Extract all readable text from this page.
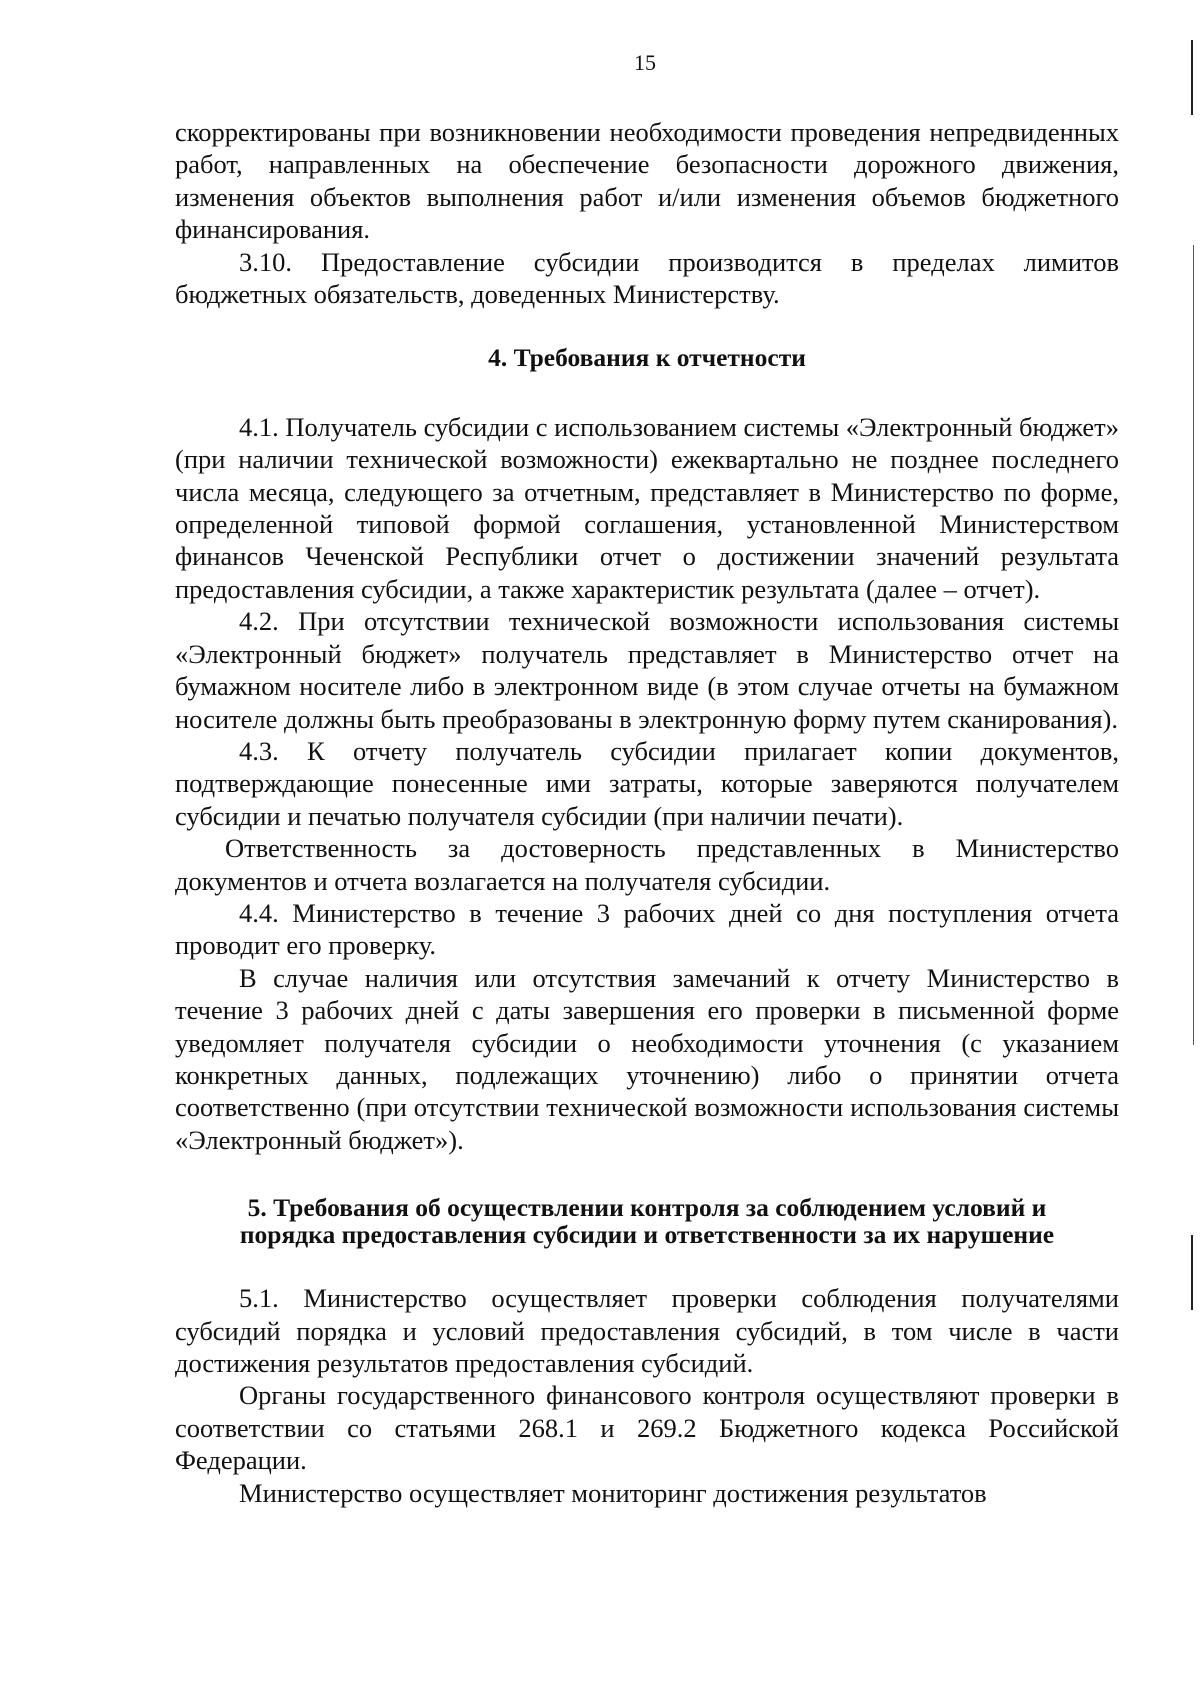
15

скорректированы при возникновении необходимости проведения непредвиденных работ, направленных на обеспечение безопасности дорожного движения, изменения объектов выполнения работ и/или изменения объемов бюджетного финансирования.

3.10. Предоставление субсидии производится в пределах лимитов бюджетных обязательств, доведенных Министерству.

4. Требования к отчетности

4.1. Получатель субсидии с использованием системы «Электронный бюджет» (при наличии технической возможности) ежеквартально не позднее последнего числа месяца, следующего за отчетным, представляет в Министерство по форме, определенной типовой формой соглашения, установленной Министерством финансов Чеченской Республики отчет о достижении значений результата предоставления субсидии, а также характеристик результата (далее – отчет).

4.2. При отсутствии технической возможности использования системы «Электронный бюджет» получатель представляет в Министерство отчет на бумажном носителе либо в электронном виде (в этом случае отчеты на бумажном носителе должны быть преобразованы в электронную форму путем сканирования).

4.3. К отчету получатель субсидии прилагает копии документов, подтверждающие понесенные ими затраты, которые заверяются получателем субсидии и печатью получателя субсидии (при наличии печати).

Ответственность за достоверность представленных в Министерство документов и отчета возлагается на получателя субсидии.

4.4. Министерство в течение 3 рабочих дней со дня поступления отчета проводит его проверку.

В случае наличия или отсутствия замечаний к отчету Министерство в течение 3 рабочих дней с даты завершения его проверки в письменной форме уведомляет получателя субсидии о необходимости уточнения (с указанием конкретных данных, подлежащих уточнению) либо о принятии отчета соответственно (при отсутствии технической возможности использования системы «Электронный бюджет»).

5. Требования об осуществлении контроля за соблюдением условий и
порядка предоставления субсидии и ответственности за их нарушение

5.1. Министерство осуществляет проверки соблюдения получателями субсидий порядка и условий предоставления субсидий, в том числе в части достижения результатов предоставления субсидий.

Органы государственного финансового контроля осуществляют проверки в соответствии со статьями 268.1 и 269.2 Бюджетного кодекса Российской Федерации.

Министерство осуществляет мониторинг достижения результатов
